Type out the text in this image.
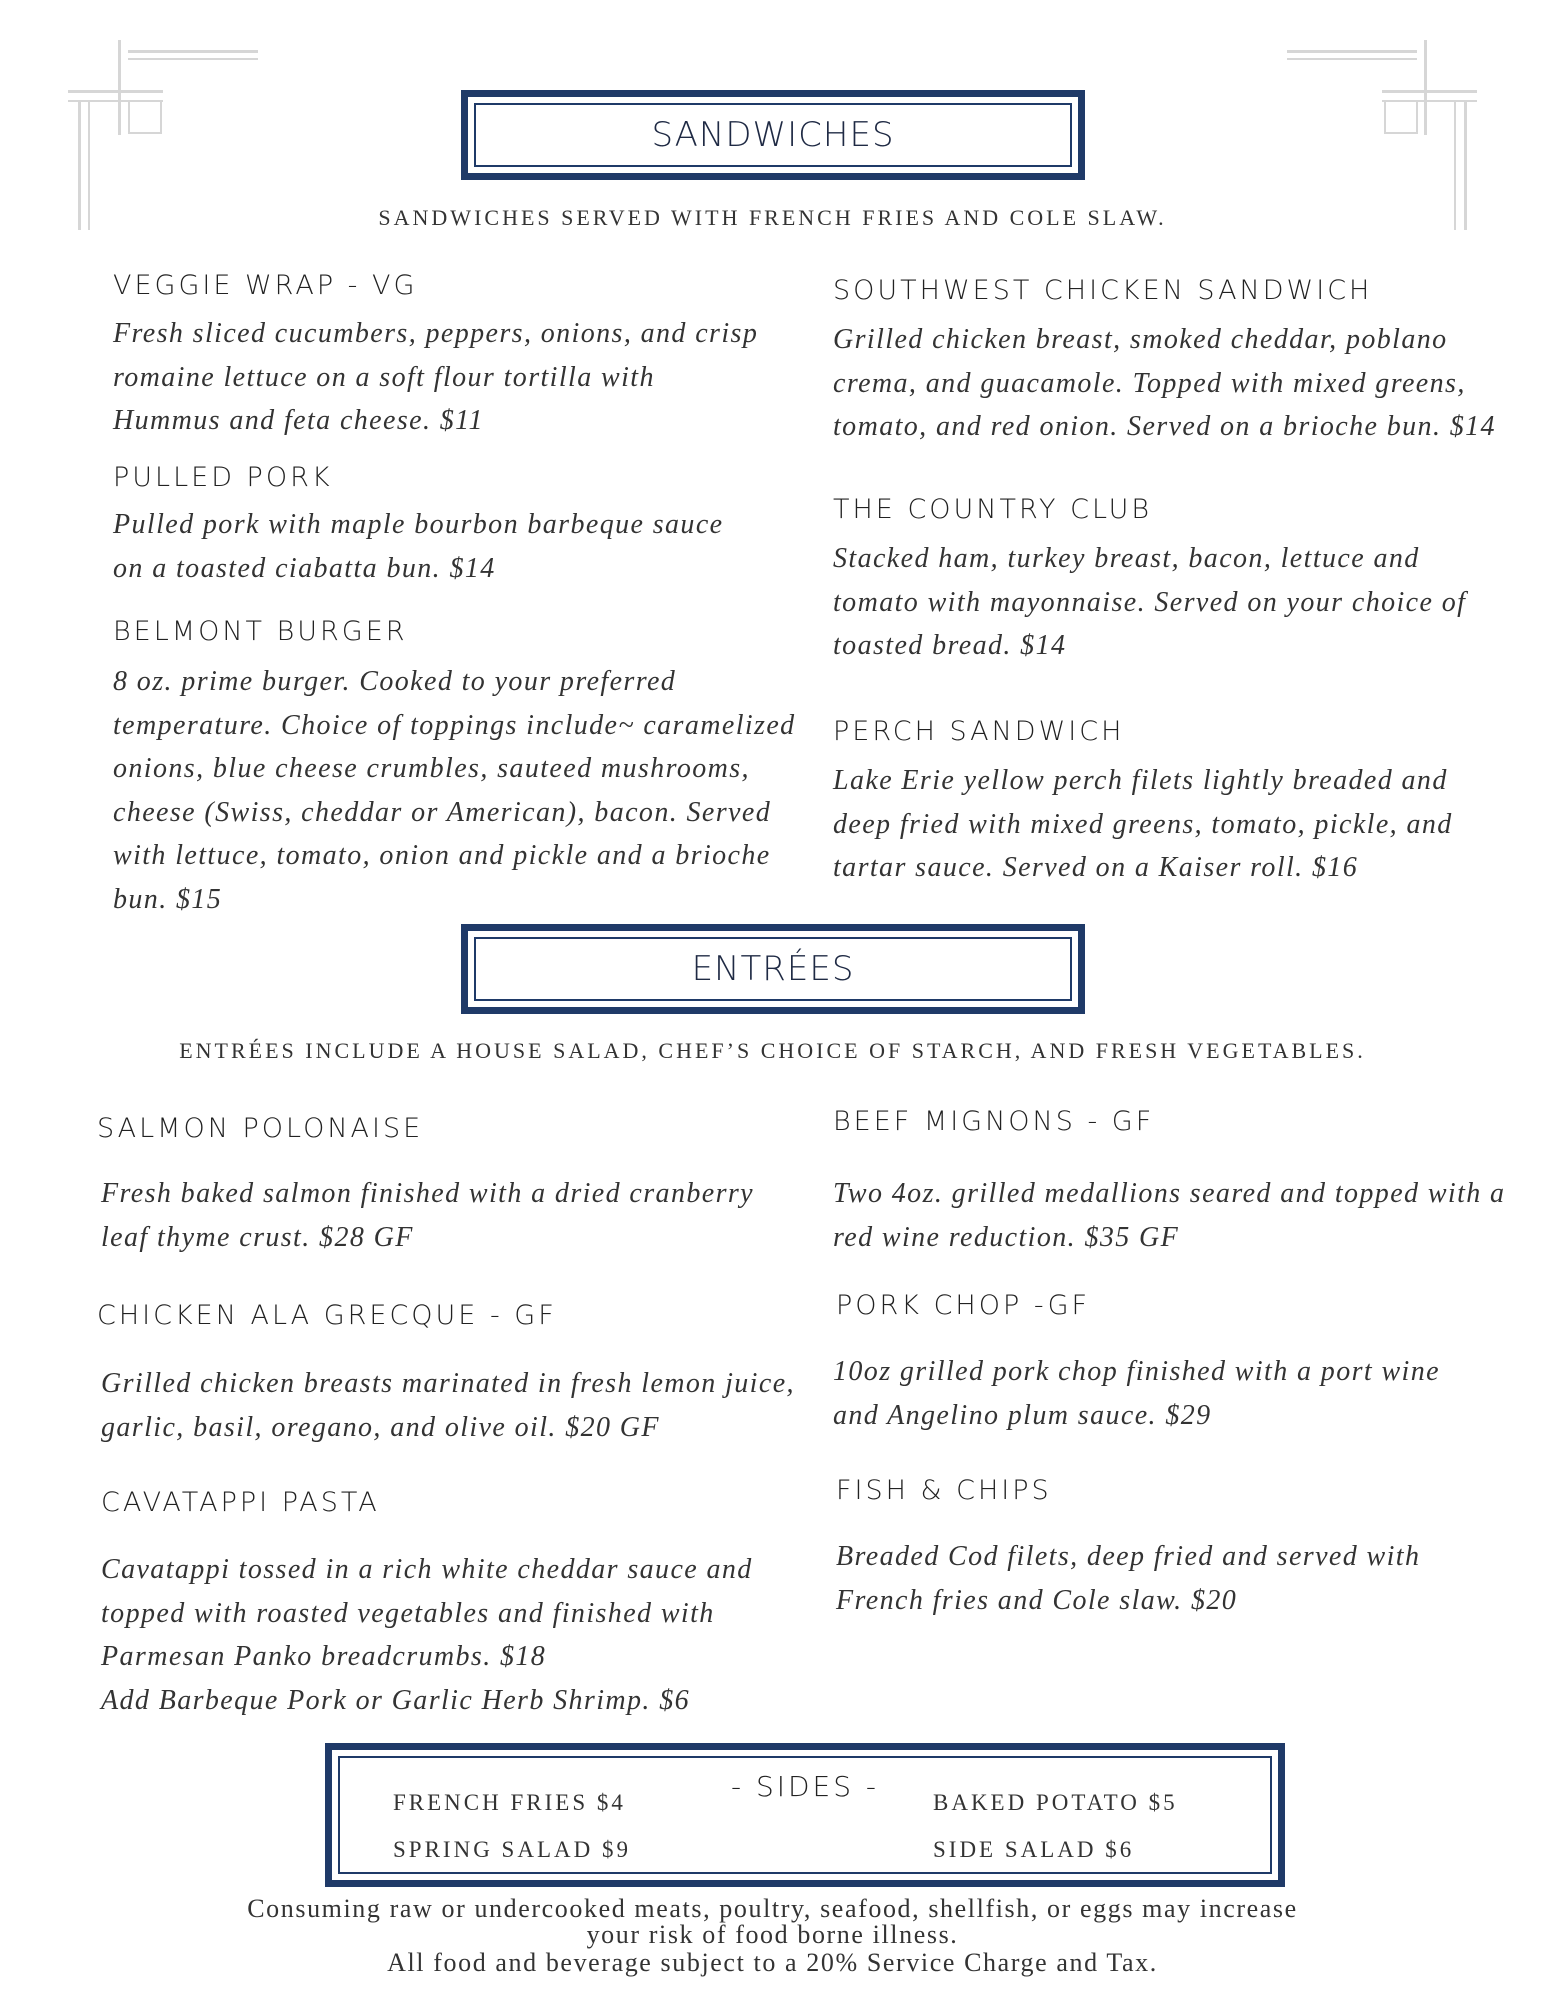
SANDWICHES
SANDWICHES SERVED WITH FRENCH FRIES AND COLE SLAW.
VEGGIE WRAP - VG
Fresh sliced cucumbers, peppers, onions, and crisp
romaine lettuce on a soft flour tortilla with
Hummus and feta cheese. $11
PULLED PORK
Pulled pork with maple bourbon barbeque sauce
on a toasted ciabatta bun. $14
BELMONT BURGER
8 oz. prime burger. Cooked to your preferred
temperature. Choice of toppings include~ caramelized
onions, blue cheese crumbles, sauteed mushrooms,
cheese (Swiss, cheddar or American), bacon. Served
with lettuce, tomato, onion and pickle and a brioche
bun. $15
SOUTHWEST CHICKEN SANDWICH
Grilled chicken breast, smoked cheddar, poblano
crema, and guacamole. Topped with mixed greens,
tomato, and red onion. Served on a brioche bun. $14
THE COUNTRY CLUB
Stacked ham, turkey breast, bacon, lettuce and
tomato with mayonnaise. Served on your choice of
toasted bread. $14
PERCH SANDWICH
Lake Erie yellow perch filets lightly breaded and
deep fried with mixed greens, tomato, pickle, and
tartar sauce. Served on a Kaiser roll. $16
ENTRÉES
ENTRÉES INCLUDE A HOUSE SALAD, CHEF’S CHOICE OF STARCH, AND FRESH VEGETABLES.
SALMON POLONAISE
Fresh baked salmon finished with a dried cranberry
leaf thyme crust. $28 GF
CHICKEN ALA GRECQUE - GF
Grilled chicken breasts marinated in fresh lemon juice,
garlic, basil, oregano, and olive oil. $20 GF
CAVATAPPI PASTA
Cavatappi tossed in a rich white cheddar sauce and
topped with roasted vegetables and finished with
Parmesan Panko breadcrumbs. $18
Add Barbeque Pork or Garlic Herb Shrimp. $6
BEEF MIGNONS - GF
Two 4oz. grilled medallions seared and topped with a
red wine reduction. $35 GF
PORK CHOP -GF
10oz grilled pork chop finished with a port wine
and Angelino plum sauce. $29
FISH & CHIPS
Breaded Cod filets, deep fried and served with
French fries and Cole slaw. $20
- SIDES -
FRENCH FRIES $4
SPRING SALAD $9
BAKED POTATO $5
SIDE SALAD $6
Consuming raw or undercooked meats, poultry, seafood, shellfish, or eggs may increase
your risk of food borne illness.
All food and beverage subject to a 20% Service Charge and Tax.
